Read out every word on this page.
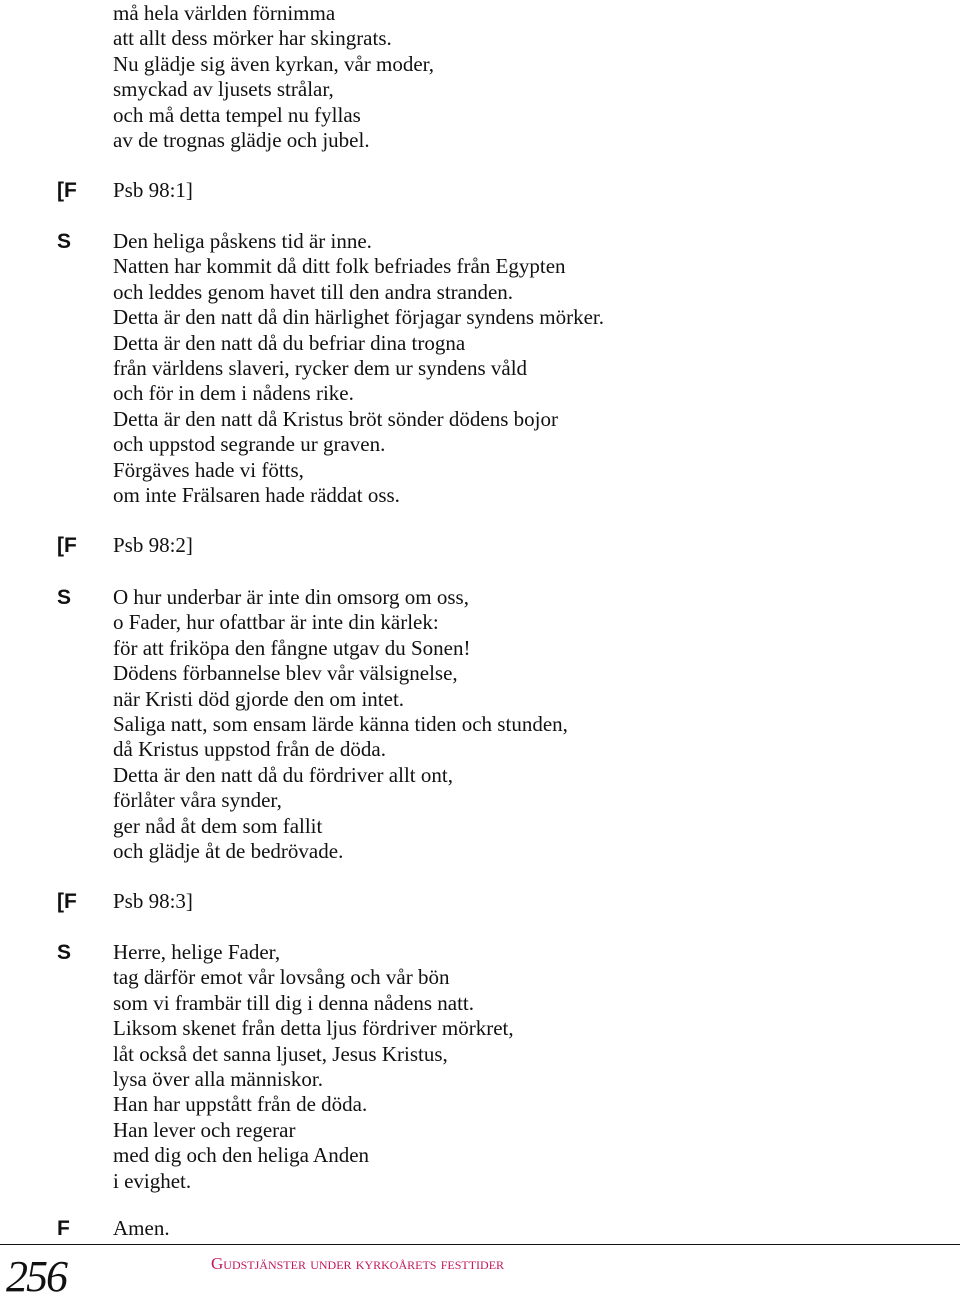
må hela världen förnimma
att allt dess mörker har skingrats.
Nu glädje sig även kyrkan, vår moder,
smyckad av ljusets strålar,
och må detta tempel nu fyllas
av de trognas glädje och jubel.
[F Psb 98:1]
S Den heliga påskens tid är inne.
Natten har kommit då ditt folk befriades från Egypten
och leddes genom havet till den andra stranden.
Detta är den natt då din härlighet förjagar syndens mörker.
Detta är den natt då du befriar dina trogna
från världens slaveri, rycker dem ur syndens våld
och för in dem i nådens rike.
Detta är den natt då Kristus bröt sönder dödens bojor
och uppstod segrande ur graven.
Förgäves hade vi fötts,
om inte Frälsaren hade räddat oss.
[F Psb 98:2]
S O hur underbar är inte din omsorg om oss,
o Fader, hur ofattbar är inte din kärlek:
för att friköpa den fångne utgav du Sonen!
Dödens förbannelse blev vår välsignelse,
när Kristi död gjorde den om intet.
Saliga natt, som ensam lärde känna tiden och stunden,
då Kristus uppstod från de döda.
Detta är den natt då du fördriver allt ont,
förlåter våra synder,
ger nåd åt dem som fallit
och glädje åt de bedrövade.
[F Psb 98:3]
S Herre, helige Fader,
tag därför emot vår lovsång och vår bön
som vi frambär till dig i denna nådens natt.
Liksom skenet från detta ljus fördriver mörkret,
låt också det sanna ljuset, Jesus Kristus,
lysa över alla människor.
Han har uppstått från de döda.
Han lever och regerar
med dig och den heliga Anden
i evighet.
F Amen.
256	Gudstjänster under kyrkoårets festtider
